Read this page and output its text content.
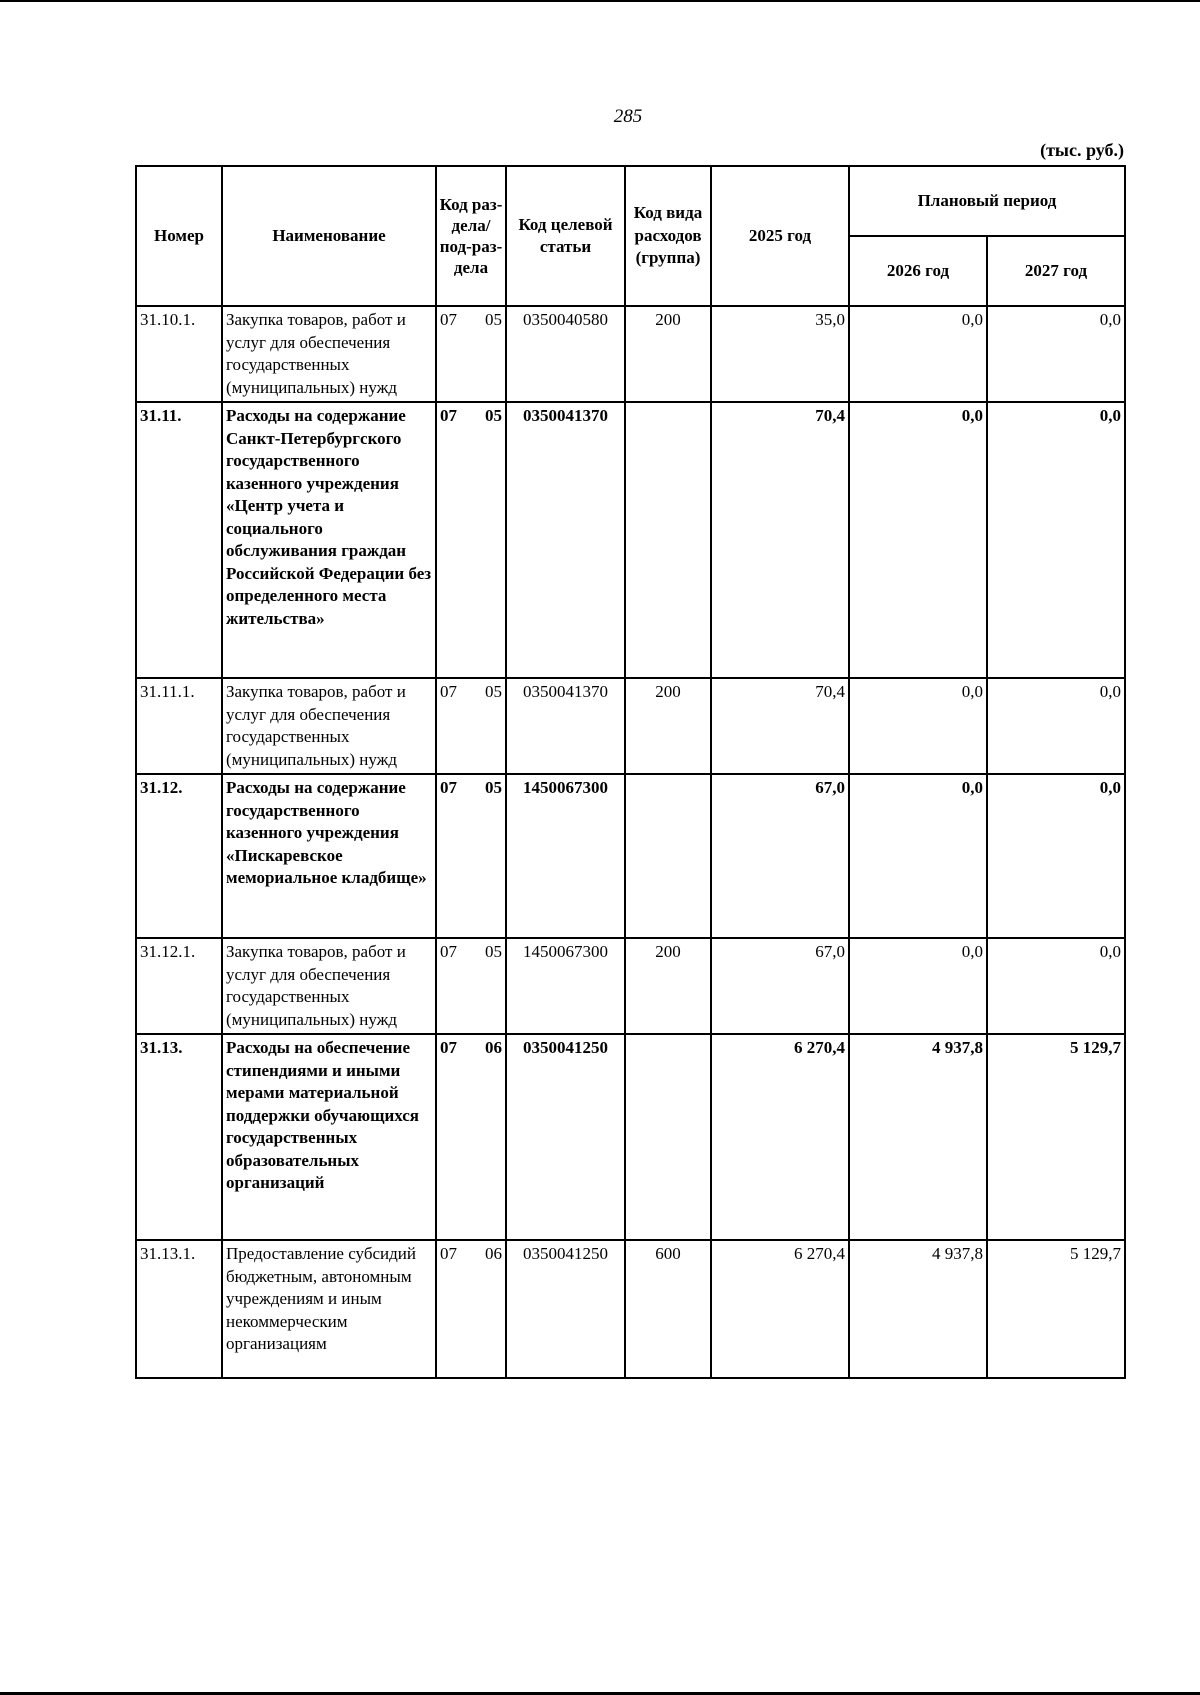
285
(тыс. руб.)
Номер	Наименование	Код раз-дела/ под-раз-дела	Код целевой статьи	Код вида расходов (группа)	2025 год	Плановый период	
						2026 год	2027 год
31.10.1.	Закупка товаров, работ и услуг для обеспечения государственных (муниципальных) нужд	07 05	0350040580	200	35,0	0,0	0,0
31.11.	Расходы на содержание Санкт-Петербургского государственного казенного учреждения «Центр учета и социального обслуживания граждан Российской Федерации без определенного места жительства»	07 05	0350041370		70,4	0,0	0,0
31.11.1.	Закупка товаров, работ и услуг для обеспечения государственных (муниципальных) нужд	07 05	0350041370	200	70,4	0,0	0,0
31.12.	Расходы на содержание государственного казенного учреждения «Пискаревское мемориальное кладбище»	07 05	1450067300		67,0	0,0	0,0
31.12.1.	Закупка товаров, работ и услуг для обеспечения государственных (муниципальных) нужд	07 05	1450067300	200	67,0	0,0	0,0
31.13.	Расходы на обеспечение стипендиями и иными мерами материальной поддержки обучающихся государственных образовательных организаций	07 06	0350041250		6 270,4	4 937,8	5 129,7
31.13.1.	Предоставление субсидий бюджетным, автономным учреждениям и иным некоммерческим организациям	07 06	0350041250	600	6 270,4	4 937,8	5 129,7
